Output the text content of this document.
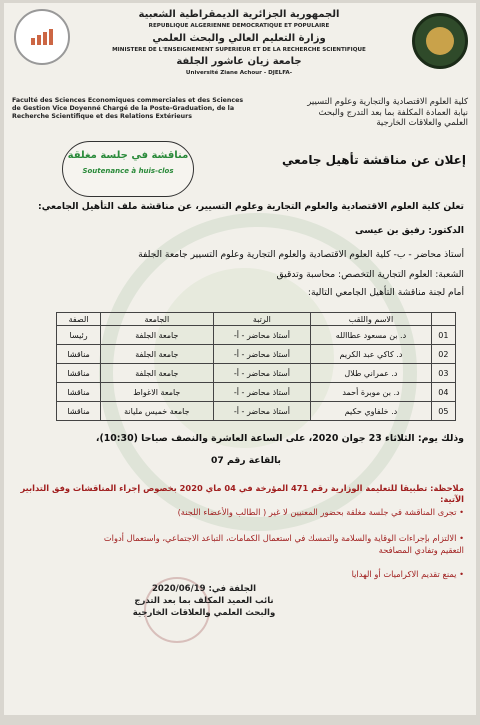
الجمهورية الجزائرية الديمقراطية الشعبية
REPUBLIQUE ALGERIENNE DEMOCRATIQUE ET POPULAIRE
وزارة التعليم العالي والبحث العلمي
MINISTERE DE L'ENSEIGNEMENT SUPERIEUR ET DE LA RECHERCHE SCIENTIFIQUE
جامعة زيان عاشور الجلفة
Université Ziane Achour - DJELFA-
Faculté des Sciences Economiques commerciales et des Sciences de Gestion Vice Doyenné Chargé de la Poste-Graduation, de la Recherche Scientifique et des Relations Extérieurs
كلية العلوم الاقتصادية والتجارية وعلوم التسيير
نيابة العمادة المكلفة بما بعد التدرج والبحث
العلمي والعلاقات الخارجية
مناقشة في جلسة مغلقة
Soutenance à huis-clos
إعلان عن مناقشة تأهيل جامعي
تعلن كلية العلوم الاقتصادية والعلوم التجارية وعلوم التسيير، عن مناقشة ملف التأهيل الجامعي:
الدكتور: رفيق بن عيسى
أستاذ محاضر - ب- كلية العلوم الاقتصادية والعلوم التجارية وعلوم التسيير جامعة الجلفة
الشعبة: العلوم التجارية التخصص: محاسبة وتدقيق
أمام لجنة مناقشة التأهيل الجامعي التالية:
	الاسم واللقب	الرتبة	الجامعة	الصفة
01	د. بن مسعود عطاالله	أستاذ محاضر - أ-	جامعة الجلفة	رئيسا
02	د. كاكي عبد الكريم	أستاذ محاضر - أ-	جامعة الجلفة	مناقشا
03	د. عمراني طلال	أستاذ محاضر - أ-	جامعة الجلفة	مناقشا
04	د. بن موبرة أحمد	أستاذ محاضر - أ-	جامعة الاغواط	مناقشا
05	د. خلفاوي حكيم	أستاذ محاضر - أ-	جامعة خميس مليانة	مناقشا
وذلك يوم: الثلاثاء 23 جوان 2020، على الساعة العاشرة والنصف صباحا (10:30)،
بالقاعة رقم 07
ملاحظة: تطبيقا للتعليمة الوزارية رقم 471 المؤرخة في 04 ماي 2020 بخصوص إجراء المناقشات وفق التدابير الآتية:
• تجرى المناقشة في جلسة مغلقة بحضور المعنيين لا غير ( الطالب والأعضاء اللجنة)
• الالتزام بإجراءات الوقاية والسلامة والتمسك في استعمال الكمامات، التباعد الاجتماعي، واستعمال أدوات
التعقيم وتفادي المصافحة
• يمنع تقديم الاكراميات أو الهدايا
الجلفة في: 2020/06/19
نائب العميد المكلف بما بعد التدرج
والبحث العلمي والعلاقات الخارجية
